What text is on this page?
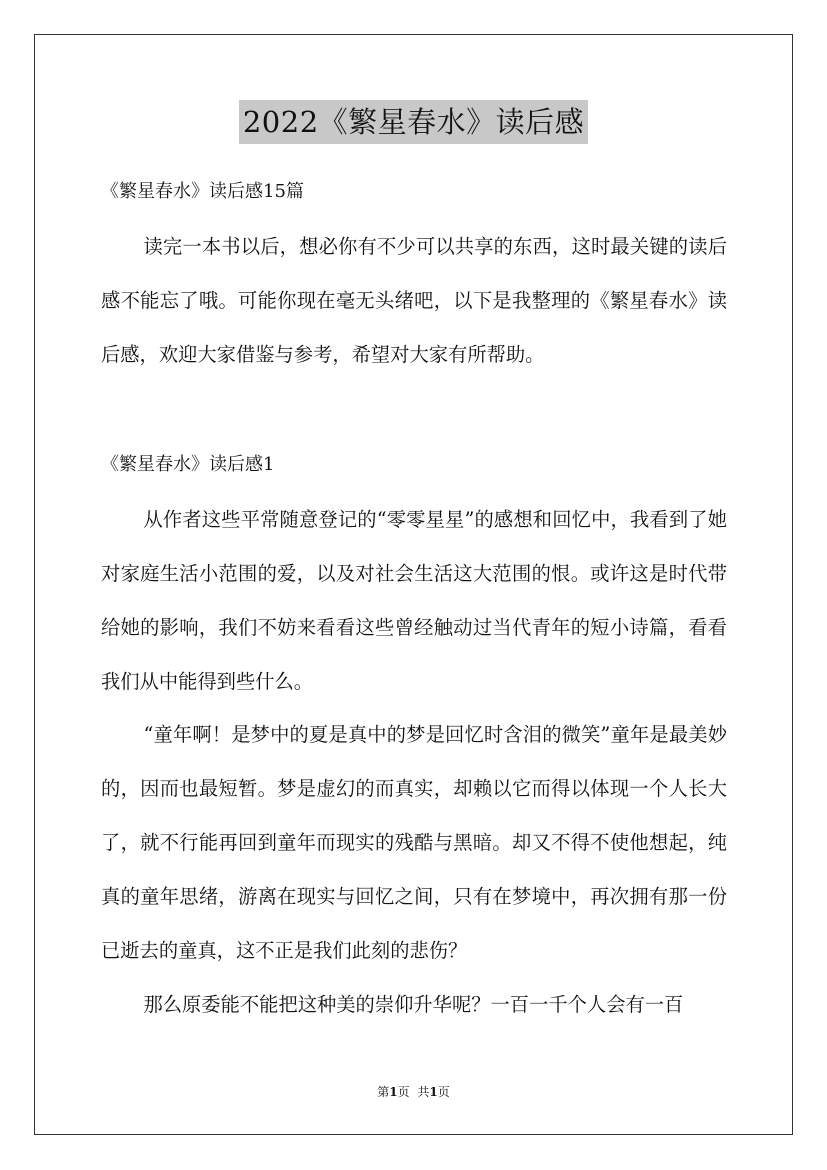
2022《繁星春水》读后感
《繁星春水》读后感15篇

读完一本书以后，想必你有不少可以共享的东西，这时最关键的读后感不能忘了哦。可能你现在毫无头绪吧，以下是我整理的《繁星春水》读后感，欢迎大家借鉴与参考，希望对大家有所帮助。

《繁星春水》读后感1

从作者这些平常随意登记的“零零星星”的感想和回忆中，我看到了她对家庭生活小范围的爱，以及对社会生活这大范围的恨。或许这是时代带给她的影响，我们不妨来看看这些曾经触动过当代青年的短小诗篇，看看我们从中能得到些什么。

“童年啊！是梦中的夏是真中的梦是回忆时含泪的微笑”童年是最美妙的，因而也最短暂。梦是虚幻的而真实，却赖以它而得以体现一个人长大了，就不行能再回到童年而现实的残酷与黑暗。却又不得不使他想起，纯真的童年思绪，游离在现实与回忆之间，只有在梦境中，再次拥有那一份已逝去的童真，这不正是我们此刻的悲伤？

那么原委能不能把这种美的崇仰升华呢？一百一千个人会有一百

第1页 共1页
